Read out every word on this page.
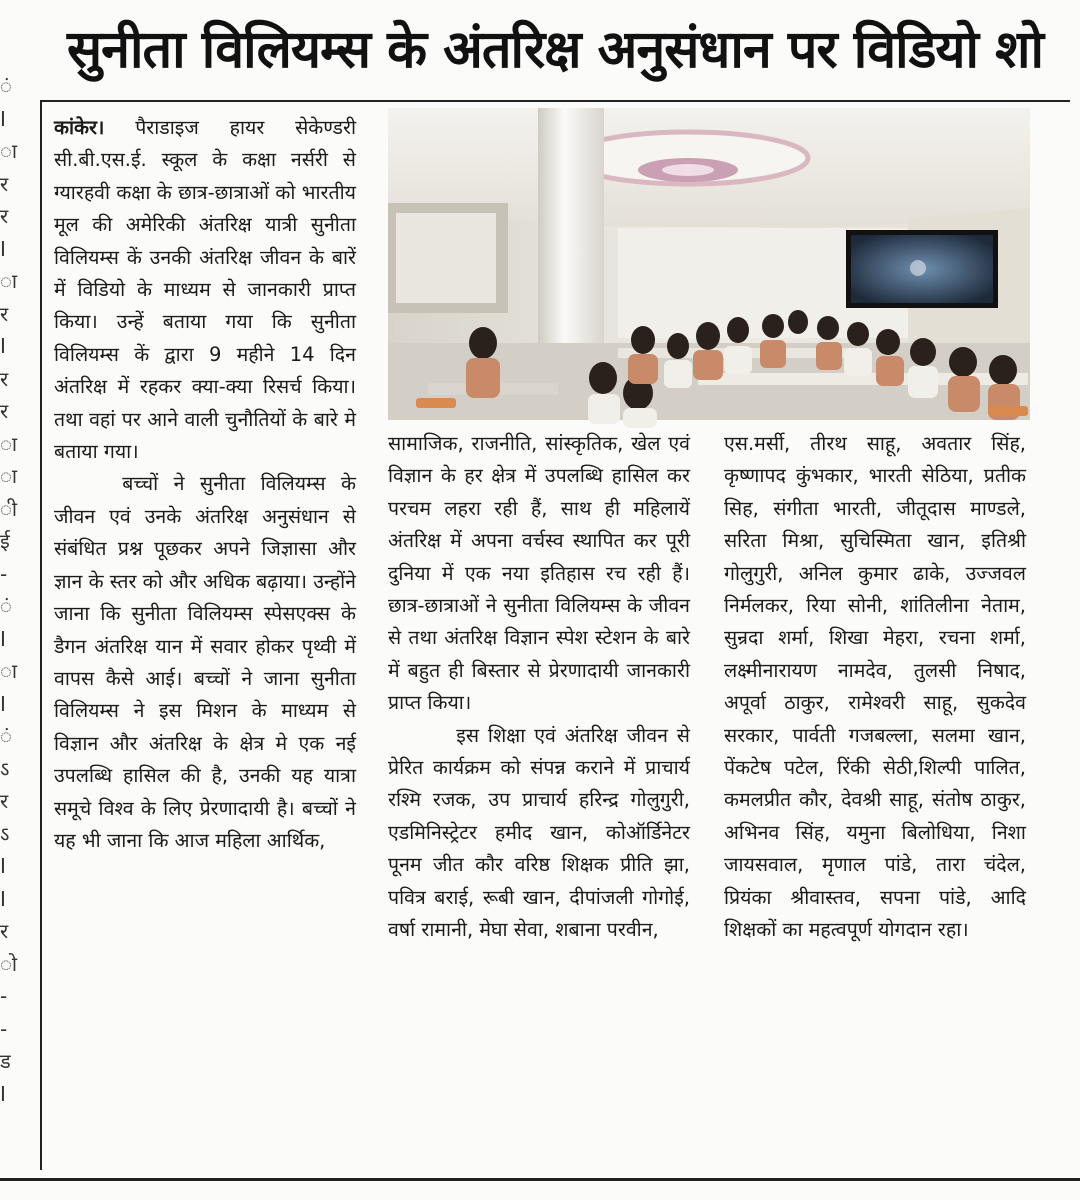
ं
I
ा
र
र
I
ा
र
I
र
र
ा
ा
ी
ई
-
ं
I
ा
I
ं
ऽ
र
ऽ
I
I
र
ो
-
-
ड
I
सुनीता विलियम्स के अंतरिक्ष अनुसंधान पर विडियो शो

कांकेर। पैराडाइज हायर सेकेण्डरी सी.बी.एस.ई. स्कूल के कक्षा नर्सरी से ग्यारहवी कक्षा के छात्र-छात्राओं को भारतीय मूल की अमेरिकी अंतरिक्ष यात्री सुनीता विलियम्स कें उनकी अंतरिक्ष जीवन के बारें में विडियो के माध्यम से जानकारी प्राप्त किया। उन्हें बताया गया कि सुनीता विलियम्स कें द्वारा 9 महीने 14 दिन अंतरिक्ष में रहकर क्या-क्या रिसर्च किया। तथा वहां पर आने वाली चुनौतियों के बारे मे बताया गया।

बच्चों ने सुनीता विलियम्स के जीवन एवं उनके अंतरिक्ष अनुसंधान से संबंधित प्रश्न पूछकर अपने जिज्ञासा और ज्ञान के स्तर को और अधिक बढ़ाया। उन्होंने जाना कि सुनीता विलियम्स स्पेसएक्स के डैगन अंतरिक्ष यान में सवार होकर पृथ्वी में वापस कैसे आई। बच्चों ने जाना सुनीता विलियम्स ने इस मिशन के माध्यम से विज्ञान और अंतरिक्ष के क्षेत्र मे एक नई उपलब्धि हासिल की है, उनकी यह यात्रा समूचे विश्व के लिए प्रेरणादायी है। बच्चों ने यह भी जाना कि आज महिला आर्थिक,

सामाजिक, राजनीति, सांस्कृतिक, खेल एवं विज्ञान के हर क्षेत्र में उपलब्धि हासिल कर परचम लहरा रही हैं, साथ ही महिलायें अंतरिक्ष में अपना वर्चस्व स्थापित कर पूरी दुनिया में एक नया इतिहास रच रही हैं। छात्र-छात्राओं ने सुनीता विलियम्स के जीवन से तथा अंतरिक्ष विज्ञान स्पेश स्टेशन के बारे में बहुत ही बिस्तार से प्रेरणादायी जानकारी प्राप्त किया।

इस शिक्षा एवं अंतरिक्ष जीवन से प्रेरित कार्यक्रम को संपन्न कराने में प्राचार्य रश्मि रजक, उप प्राचार्य हरिन्द्र गोलुगुरी, एडमिनिस्ट्रेटर हमीद खान, कोऑर्डिनेटर पूनम जीत कौर वरिष्ठ शिक्षक प्रीति झा, पवित्र बराई, रूबी खान, दीपांजली गोगोई, वर्षा रामानी, मेघा सेवा, शबाना परवीन,

एस.मर्सी, तीरथ साहू, अवतार सिंह, कृष्णापद कुंभकार, भारती सेठिया, प्रतीक सिह, संगीता भारती, जीतूदास माण्डले, सरिता मिश्रा, सुचिस्मिता खान, इतिश्री गोलुगुरी, अनिल कुमार ढाके, उज्जवल निर्मलकर, रिया सोनी, शांतिलीना नेताम, सुन्रदा शर्मा, शिखा मेहरा, रचना शर्मा, लक्ष्मीनारायण नामदेव, तुलसी निषाद, अपूर्वा ठाकुर, रामेश्वरी साहू, सुकदेव सरकार, पार्वती गजबल्ला, सलमा खान, पेंकटेष पटेल, रिंकी सेठी,शिल्पी पालित, कमलप्रीत कौर, देवश्री साहू, संतोष ठाकुर, अभिनव सिंह, यमुना बिलोधिया, निशा जायसवाल, मृणाल पांडे, तारा चंदेल, प्रियंका श्रीवास्तव, सपना पांडे, आदि शिक्षकों का महत्वपूर्ण योगदान रहा।
